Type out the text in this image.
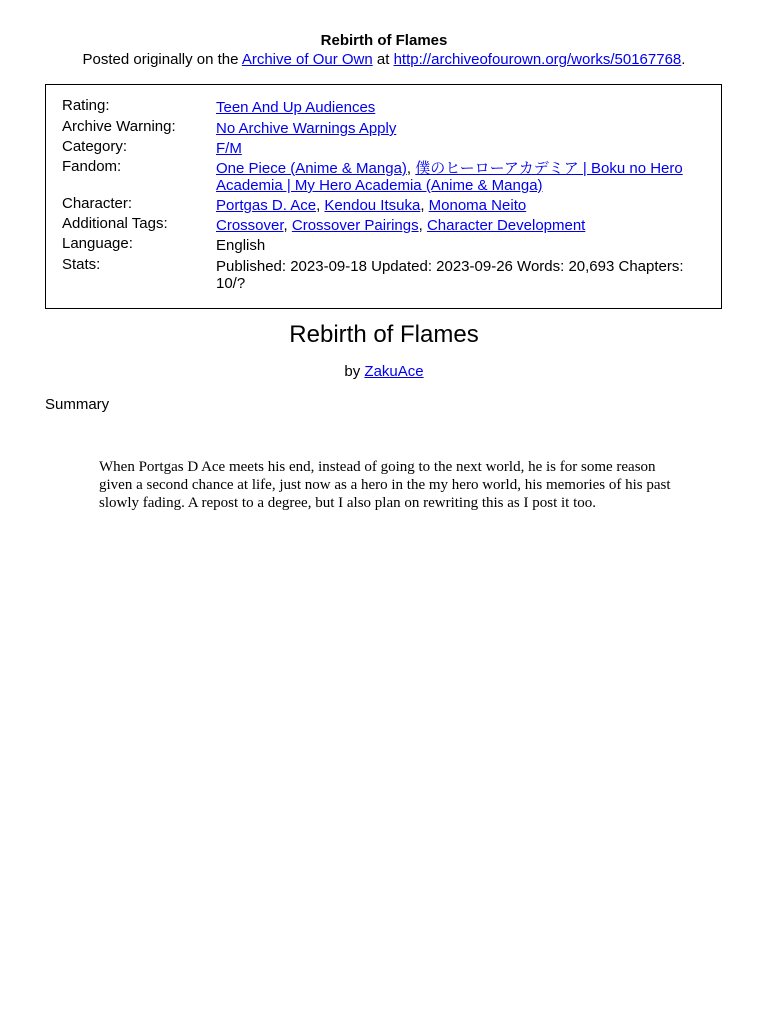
Rebirth of Flames
Posted originally on the Archive of Our Own at http://archiveofourown.org/works/50167768.
Rating:	Teen And Up Audiences
Archive Warning:	No Archive Warnings Apply
Category:	F/M
Fandom:	One Piece (Anime & Manga), 僕のヒーローアカデミア | Boku no Hero Academia | My Hero Academia (Anime & Manga)
Character:	Portgas D. Ace, Kendou Itsuka, Monoma Neito
Additional Tags:	Crossover, Crossover Pairings, Character Development
Language:	English
Stats:	Published: 2023-09-18 Updated: 2023-09-26 Words: 20,693 Chapters: 10/?
Rebirth of Flames
by ZakuAce
Summary
When Portgas D Ace meets his end, instead of going to the next world, he is for some reason given a second chance at life, just now as a hero in the my hero world, his memories of his past slowly fading. A repost to a degree, but I also plan on rewriting this as I post it too.
